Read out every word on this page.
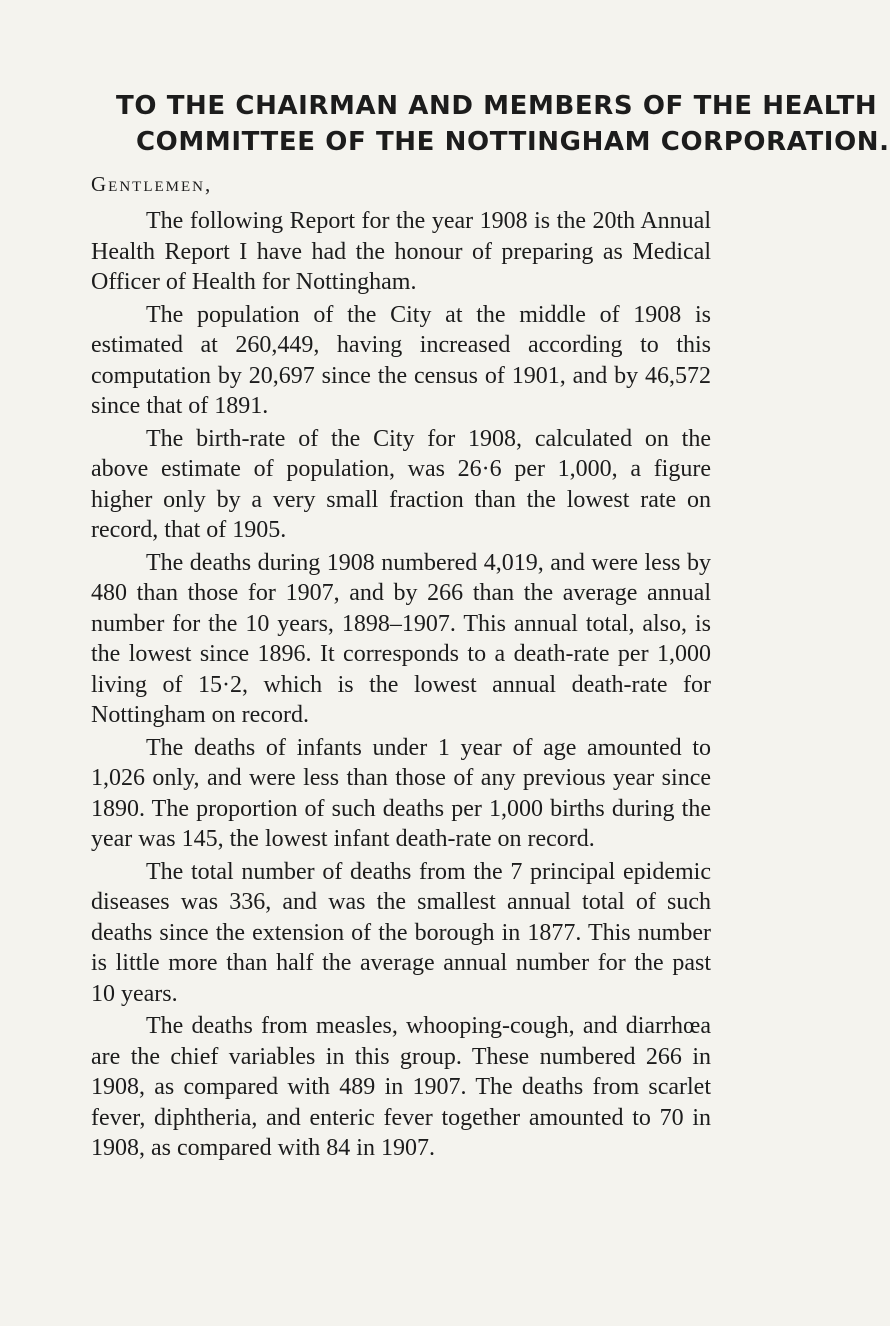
TO THE CHAIRMAN AND MEMBERS OF THE HEALTH
COMMITTEE OF THE NOTTINGHAM CORPORATION.
Gentlemen,

The following Report for the year 1908 is the 20th Annual Health Report I have had the honour of preparing as Medical Officer of Health for Nottingham.

The population of the City at the middle of 1908 is estimated at 260,449, having increased according to this computation by 20,697 since the census of 1901, and by 46,572 since that of 1891.

The birth-rate of the City for 1908, calculated on the above estimate of population, was 26·6 per 1,000, a figure higher only by a very small fraction than the lowest rate on record, that of 1905.

The deaths during 1908 numbered 4,019, and were less by 480 than those for 1907, and by 266 than the average annual number for the 10 years, 1898–1907. This annual total, also, is the lowest since 1896. It corresponds to a death-rate per 1,000 living of 15·2, which is the lowest annual death-rate for Nottingham on record.

The deaths of infants under 1 year of age amounted to 1,026 only, and were less than those of any previous year since 1890. The proportion of such deaths per 1,000 births during the year was 145, the lowest infant death-rate on record.

The total number of deaths from the 7 principal epidemic diseases was 336, and was the smallest annual total of such deaths since the extension of the borough in 1877. This number is little more than half the average annual number for the past 10 years.

The deaths from measles, whooping-cough, and diarrhœa are the chief variables in this group. These numbered 266 in 1908, as compared with 489 in 1907. The deaths from scarlet fever, diphtheria, and enteric fever together amounted to 70 in 1908, as compared with 84 in 1907.
